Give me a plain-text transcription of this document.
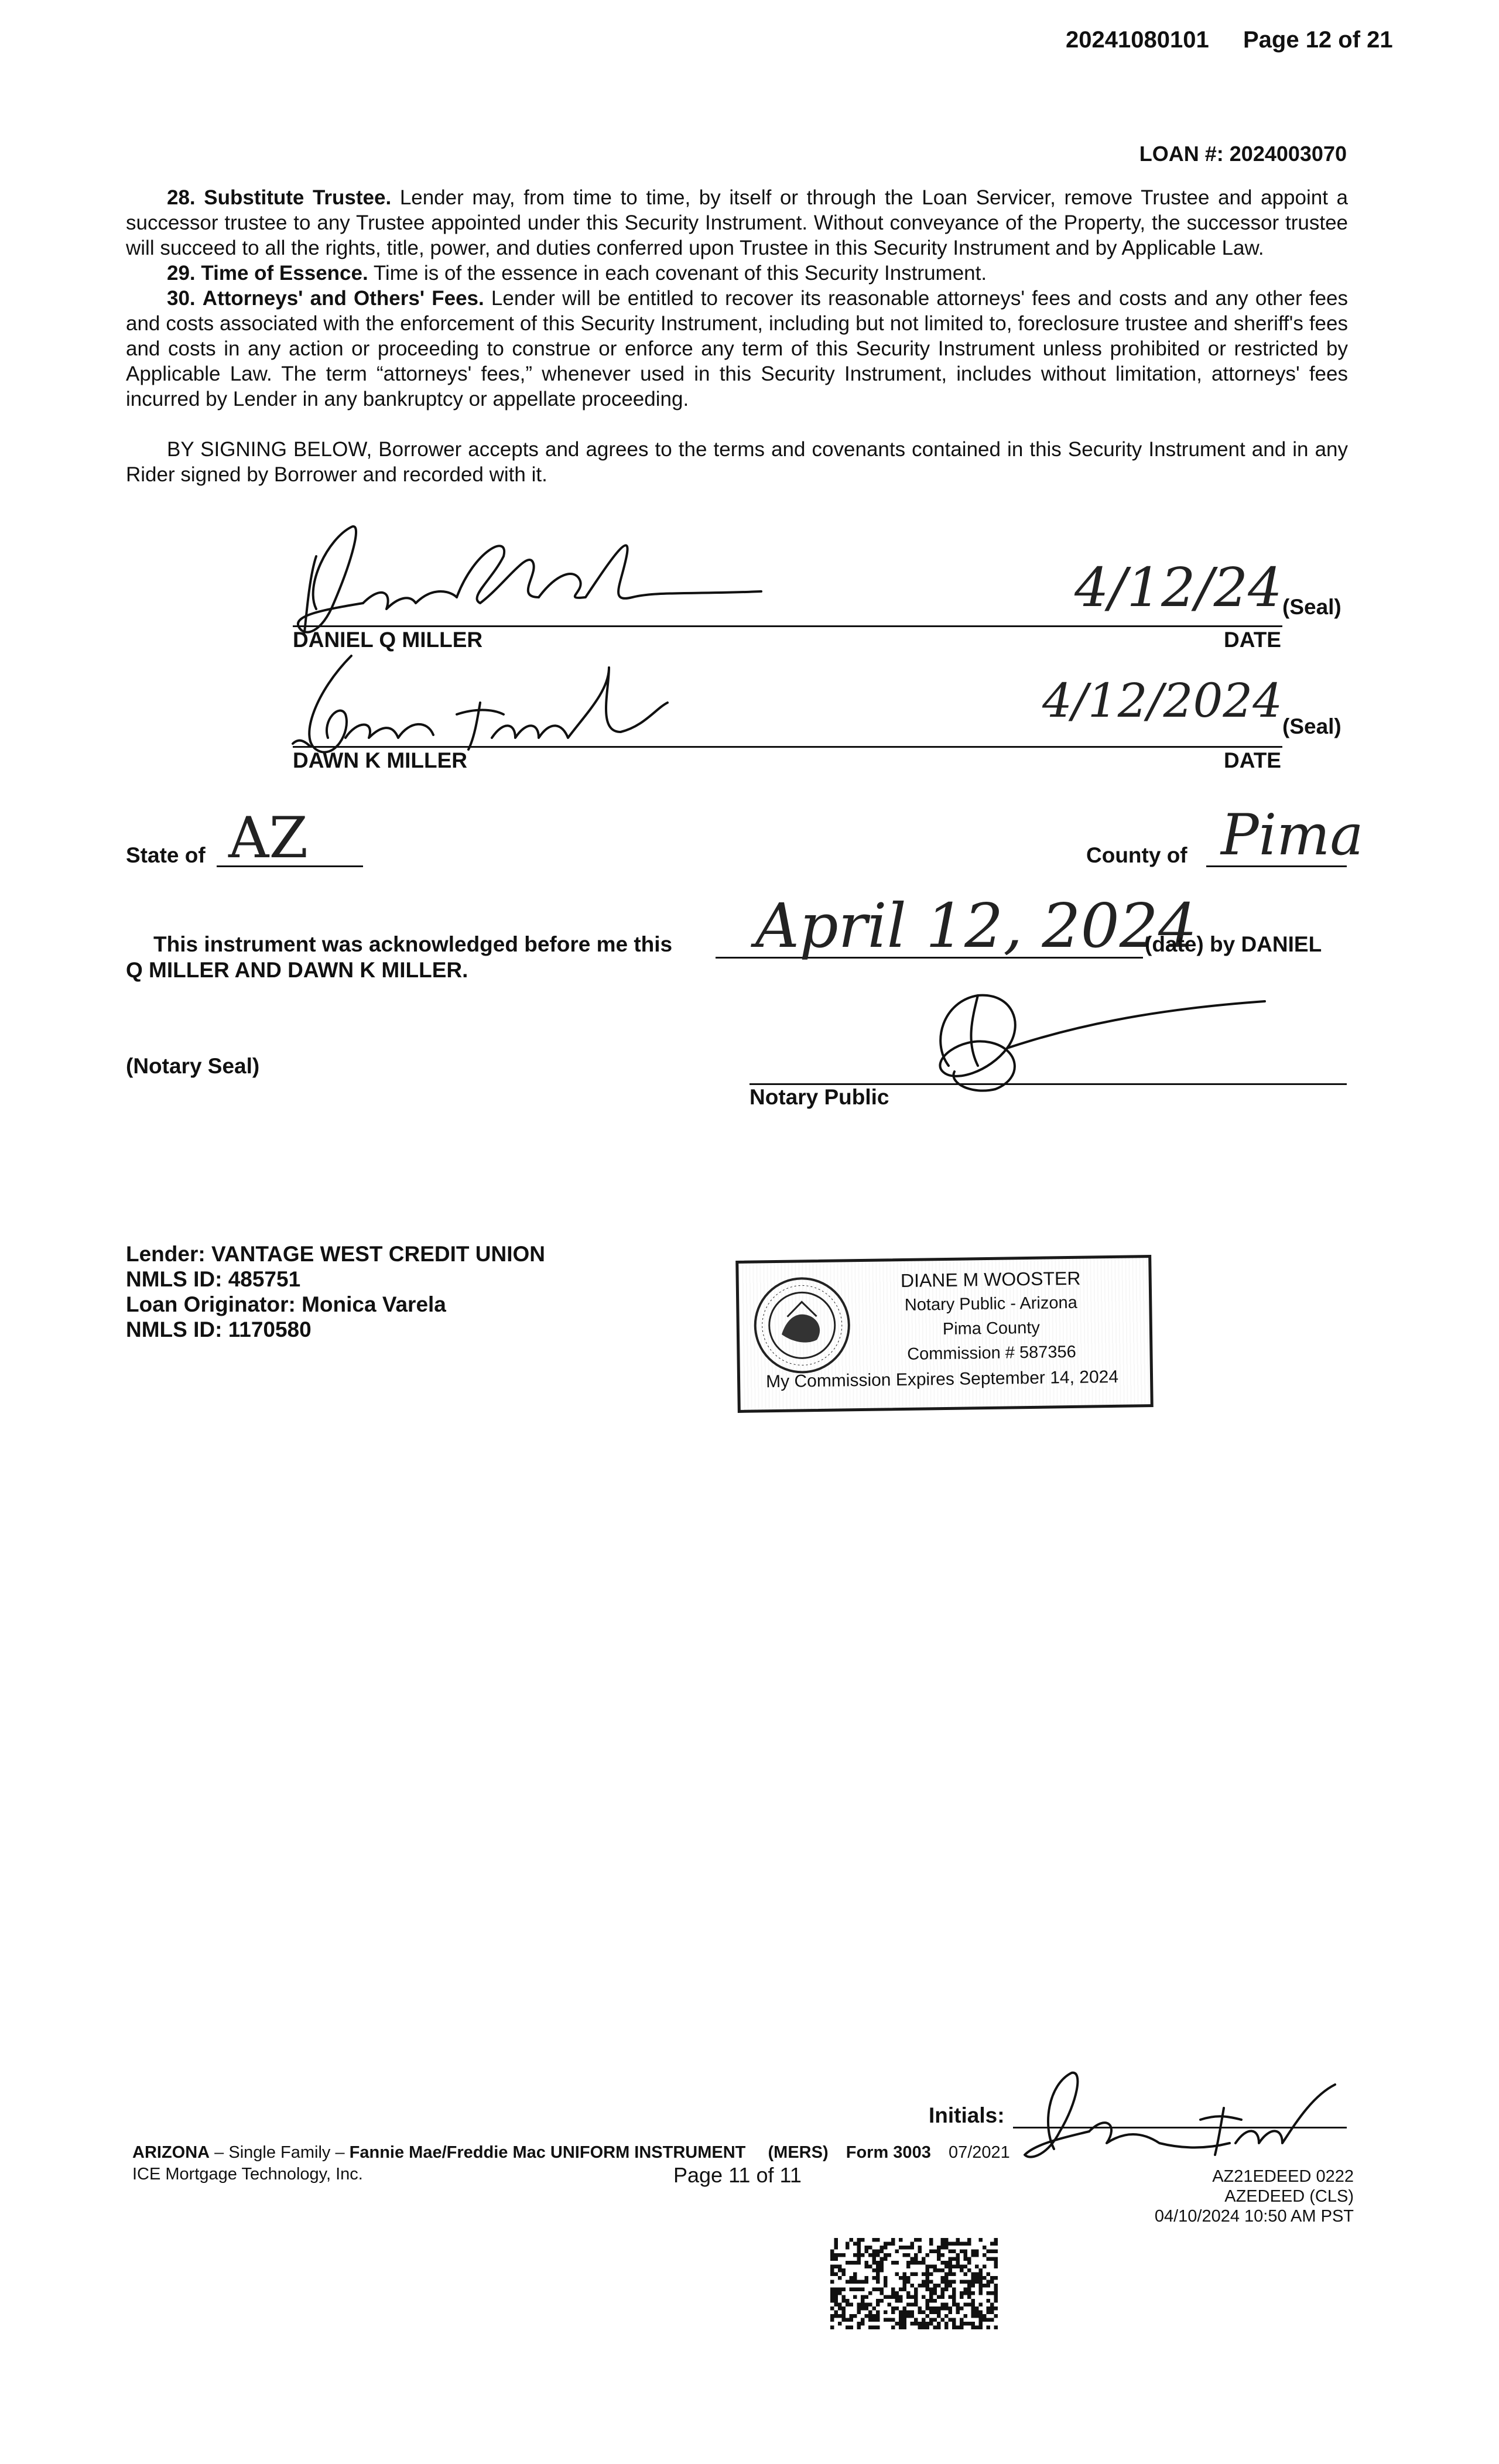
20241080101 Page 12 of 21
LOAN #: 2024003070

28. Substitute Trustee. Lender may, from time to time, by itself or through the Loan Servicer, remove Trustee and appoint a successor trustee to any Trustee appointed under this Security Instrument. Without conveyance of the Property, the successor trustee will succeed to all the rights, title, power, and duties conferred upon Trustee in this Security Instrument and by Applicable Law.

29. Time of Essence. Time is of the essence in each covenant of this Security Instrument.

30. Attorneys' and Others' Fees. Lender will be entitled to recover its reasonable attorneys' fees and costs and any other fees and costs associated with the enforcement of this Security Instrument, including but not limited to, foreclosure trustee and sheriff's fees and costs in any action or proceeding to construe or enforce any term of this Security Instrument unless prohibited or restricted by Applicable Law. The term “attorneys' fees,” whenever used in this Security Instrument, includes without limitation, attorneys' fees incurred by Lender in any bankruptcy or appellate proceeding.

BY SIGNING BELOW, Borrower accepts and agrees to the terms and covenants contained in this Security Instrument and in any Rider signed by Borrower and recorded with it.

4/12/24 (Seal)
DANIEL Q MILLER	DATE
4/12/2024 (Seal)
DAWN K MILLER	DATE
State of AZ	County of Pima
This instrument was acknowledged before me this April 12, 2024
(date) by DANIEL
Q MILLER AND DAWN K MILLER.
(Notary Seal)
Notary Public
Lender: VANTAGE WEST CREDIT UNION
NMLS ID: 485751
Loan Originator: Monica Varela
NMLS ID: 1170580
DIANE M WOOSTER
Notary Public - Arizona
Pima County
Commission # 587356
My Commission Expires September 14, 2024
Initials:
ARIZONA – Single Family – Fannie Mae/Freddie Mac UNIFORM INSTRUMENT (MERS) Form 3003 07/2021
ICE Mortgage Technology, Inc.	Page 11 of 11	AZ21EDEED 0222
AZEDEED (CLS)
04/10/2024 10:50 AM PST
